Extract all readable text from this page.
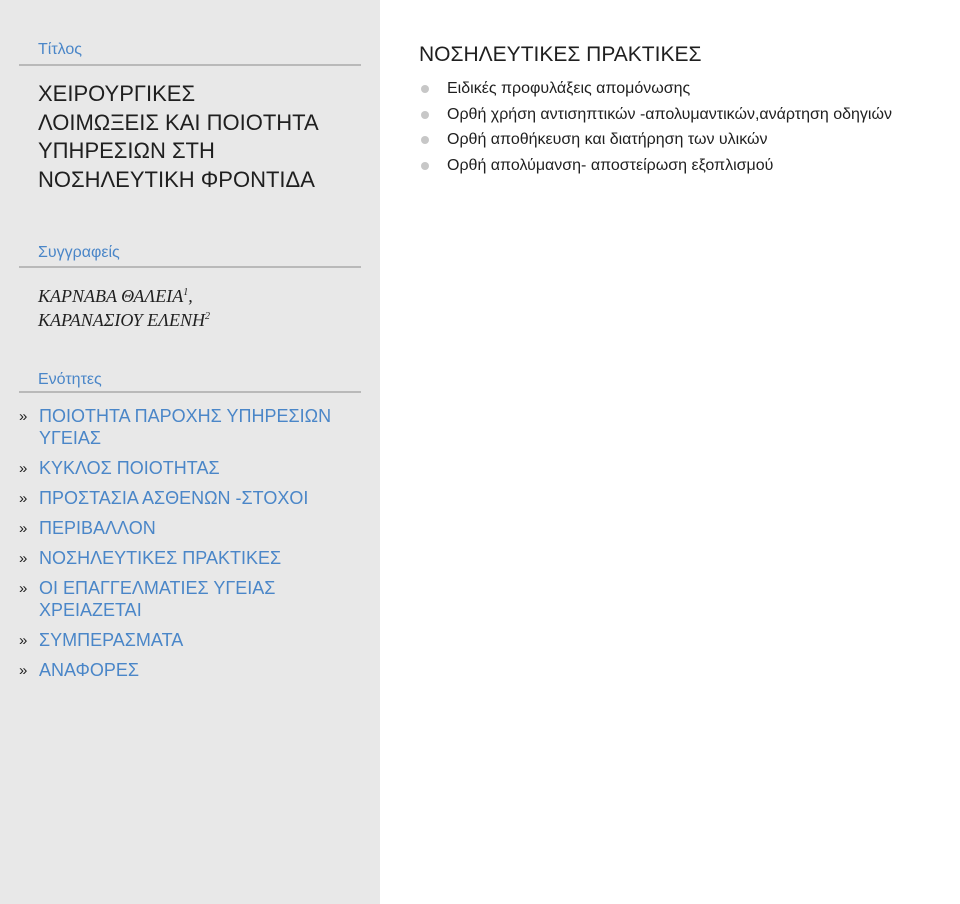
Τίτλος
ΧΕΙΡΟΥΡΓΙΚΕΣ
ΛΟΙΜΩΞΕΙΣ ΚΑΙ ΠΟΙΟΤΗΤΑ
ΥΠΗΡΕΣΙΩΝ ΣΤΗ
ΝΟΣΗΛΕΥΤΙΚΗ ΦΡΟΝΤΙΔΑ
Συγγραφείς
ΚΑΡΝΑΒΑ ΘΑΛΕΙΑ$^1$,
ΚΑΡΑΝΑΣΙΟΥ ΕΛΕΝΗ$^2$
Ενότητες
» ΠΟΙΟΤΗΤΑ ΠΑΡΟΧΗΣ ΥΠΗΡΕΣΙΩΝ
ΥΓΕΙΑΣ
» ΚΥΚΛΟΣ ΠΟΙΟΤΗΤΑΣ
» ΠΡΟΣΤΑΣΙΑ ΑΣΘΕΝΩΝ -ΣΤΟΧΟΙ
» ΠΕΡΙΒΑΛΛΟΝ
» ΝΟΣΗΛΕΥΤΙΚΕΣ ΠΡΑΚΤΙΚΕΣ
» ΟΙ ΕΠΑΓΓΕΛΜΑΤΙΕΣ ΥΓΕΙΑΣ
ΧΡΕΙΑΖΕΤΑΙ
» ΣΥΜΠΕΡΑΣΜΑΤΑ
» ΑΝΑΦΟΡΕΣ
ΝΟΣΗΛΕΥΤΙΚΕΣ ΠΡΑΚΤΙΚΕΣ
Ειδικές προφυλάξεις απομόνωσης
Ορθή χρήση αντισηπτικών -απολυμαντικών,ανάρτηση οδηγιών
Ορθή αποθήκευση και διατήρηση των υλικών
Ορθή απολύμανση- αποστείρωση εξοπλισμού
